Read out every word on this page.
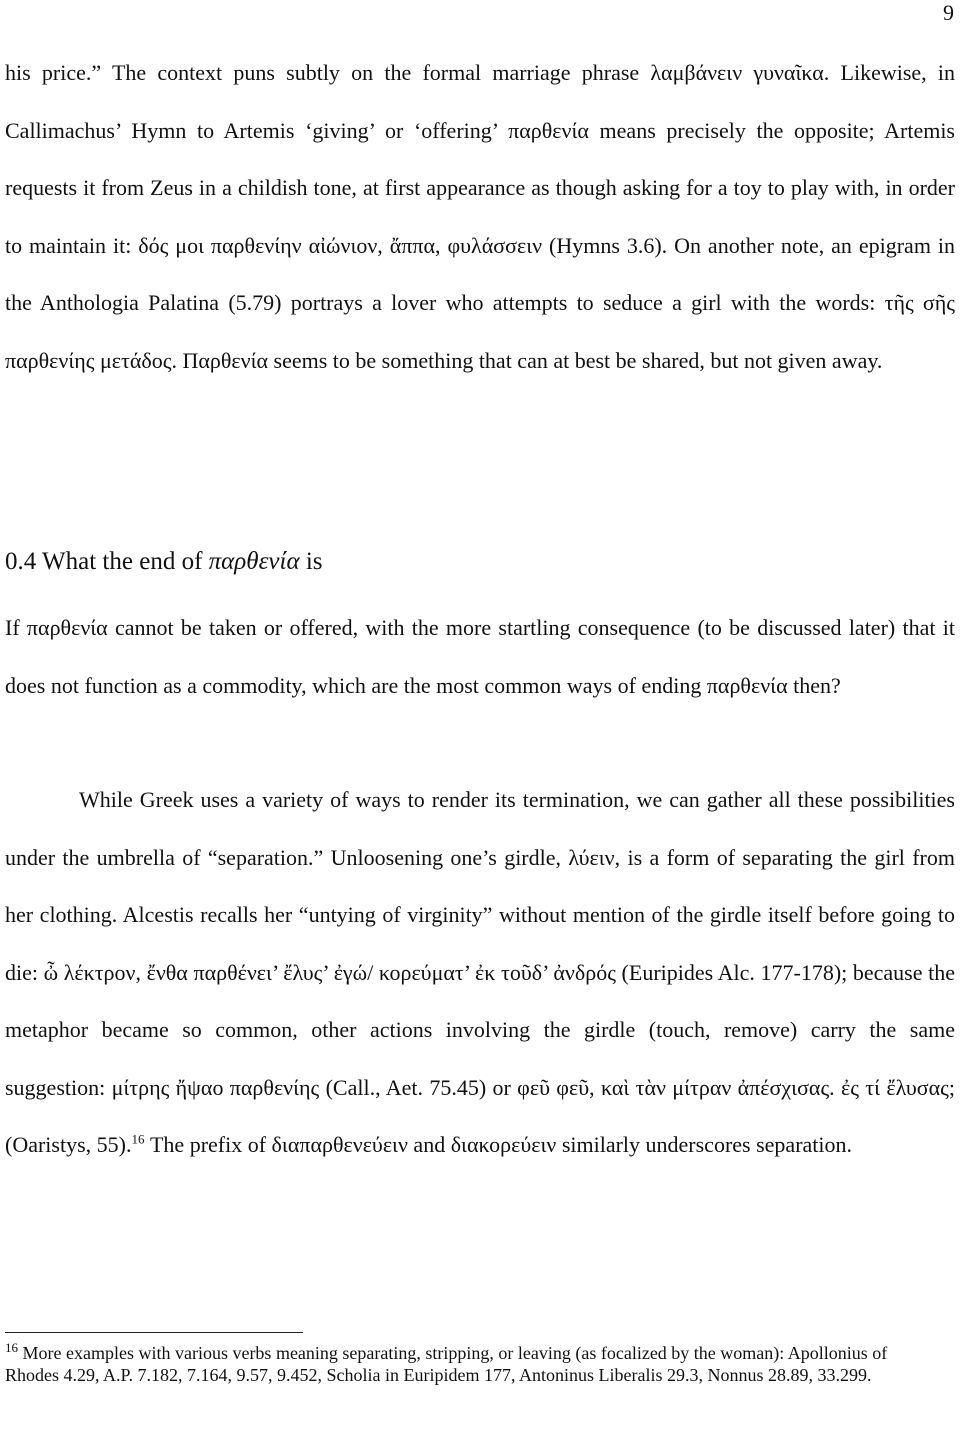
9

his price.” The context puns subtly on the formal marriage phrase λαμβάνειν γυναῖκα. Likewise, in Callimachus’ Hymn to Artemis ‘giving’ or ‘offering’ παρθενία means precisely the opposite; Artemis requests it from Zeus in a childish tone, at first appearance as though asking for a toy to play with, in order to maintain it: δός μοι παρθενίην αἰώνιον, ἄππα, φυλάσσειν (Hymns 3.6). On another note, an epigram in the Anthologia Palatina (5.79) portrays a lover who attempts to seduce a girl with the words: τῆς σῆς παρθενίης μετάδος. Παρθενία seems to be something that can at best be shared, but not given away.

0.4 What the end of παρθενία is

If παρθενία cannot be taken or offered, with the more startling consequence (to be discussed later) that it does not function as a commodity, which are the most common ways of ending παρθενία then?

While Greek uses a variety of ways to render its termination, we can gather all these possibilities under the umbrella of “separation.” Unloosening one’s girdle, λύειν, is a form of separating the girl from her clothing. Alcestis recalls her “untying of virginity” without mention of the girdle itself before going to die: ὦ λέκτρον, ἔνθα παρθένει’ ἔλυς’ ἐγώ/ κορεύματ’ ἐκ τοῦδ’ ἀνδρός (Euripides Alc. 177-178); because the metaphor became so common, other actions involving the girdle (touch, remove) carry the same suggestion: μίτρης ἤψαο παρθενίης (Call., Aet. 75.45) or φεῦ φεῦ, καὶ τὰν μίτραν ἀπέσχισας. ἐς τί ἔλυσας; (Oaristys, 55).$^{16}$ The prefix of διαπαρθενεύειν and διακορεύειν similarly underscores separation.

$^{16}$ More examples with various verbs meaning separating, stripping, or leaving (as focalized by the woman): Apollonius of Rhodes 4.29, A.P. 7.182, 7.164, 9.57, 9.452, Scholia in Euripidem 177, Antoninus Liberalis 29.3, Nonnus 28.89, 33.299.
